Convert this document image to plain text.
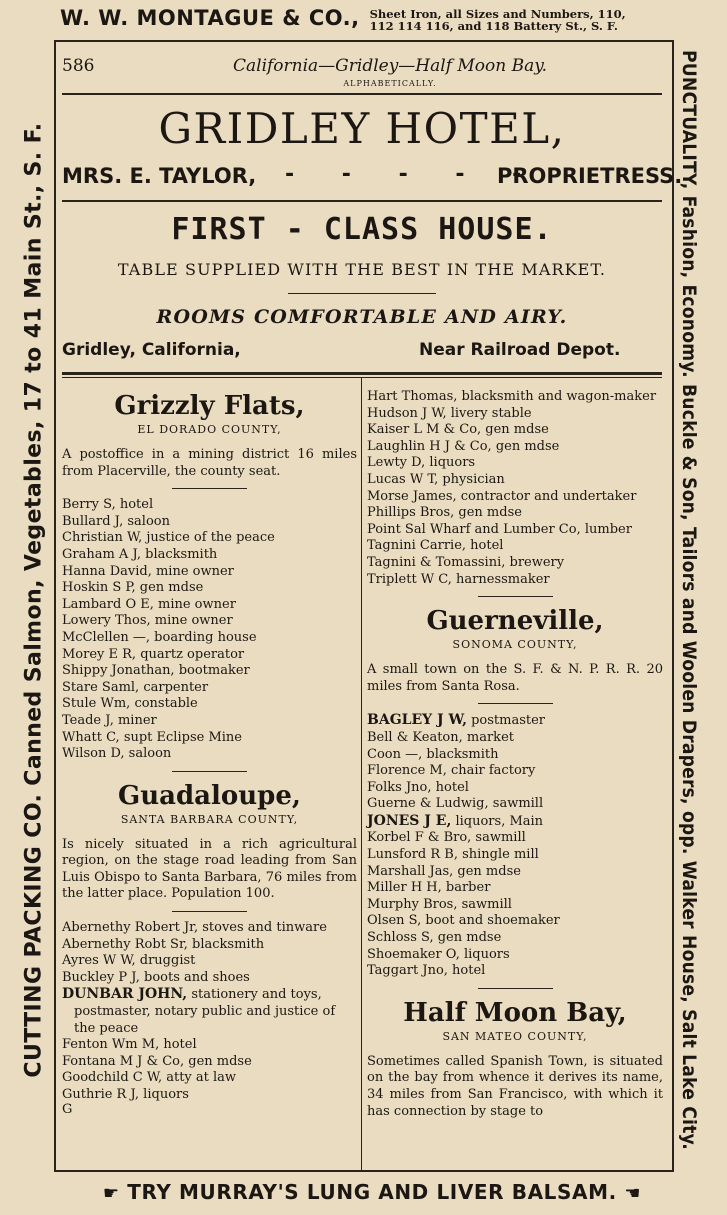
W. W. MONTAGUE & CO., Sheet Iron, all Sizes and Numbers, 110,
112 114 116, and 118 Battery St., S. F.
CUTTING PACKING CO. Canned Salmon, Vegetables, 17 to 41 Main St., S. F.	PUNCTUALITY, Fashion, Economy. Buckle & Son, Tailors and Woolen Drapers, opp. Walker House, Salt Lake City.
586	California—Gridley—Half Moon Bay.
ALPHABETICALLY.
GRIDLEY HOTEL,
MRS. E. TAYLOR, - - - - -
PROPRIETRESS.
FIRST - CLASS HOUSE.
TABLE SUPPLIED WITH THE BEST IN THE MARKET.
ROOMS COMFORTABLE AND AIRY.
Gridley, California,	Near Railroad Depot.
Grizzly Flats,
EL DORADO COUNTY,
A postoffice in a mining district 16 miles from Placerville, the county seat.
Berry S, hotel
Bullard J, saloon
Christian W, justice of the peace
Graham A J, blacksmith
Hanna David, mine owner
Hoskin S P, gen mdse
Lambard O E, mine owner
Lowery Thos, mine owner
McClellen —, boarding house
Morey E R, quartz operator
Shippy Jonathan, bootmaker
Stare Saml, carpenter
Stule Wm, constable
Teade J, miner
Whatt C, supt Eclipse Mine
Wilson D, saloon
Guadaloupe,
SANTA BARBARA COUNTY,
Is nicely situated in a rich agricultural region, on the stage road leading from San Luis Obispo to Santa Barbara, 76 miles from the latter place. Population 100.
Abernethy Robert Jr, stoves and tinware
Abernethy Robt Sr, blacksmith
Ayres W W, druggist
Buckley P J, boots and shoes
DUNBAR JOHN, stationery and toys, postmaster, notary public and justice of the peace
Fenton Wm M, hotel
Fontana M J & Co, gen mdse
Goodchild C W, atty at law
Guthrie R J, liquors
G
Hart Thomas, blacksmith and wagon-maker
Hudson J W, livery stable
Kaiser L M & Co, gen mdse
Laughlin H J & Co, gen mdse
Lewty D, liquors
Lucas W T, physician
Morse James, contractor and undertaker
Phillips Bros, gen mdse
Point Sal Wharf and Lumber Co, lumber
Tagnini Carrie, hotel
Tagnini & Tomassini, brewery
Triplett W C, harnessmaker
Guerneville,
SONOMA COUNTY,
A small town on the S. F. & N. P. R. R. 20 miles from Santa Rosa.
BAGLEY J W, postmaster
Bell & Keaton, market
Coon —, blacksmith
Florence M, chair factory
Folks Jno, hotel
Guerne & Ludwig, sawmill
JONES J E, liquors, Main
Korbel F & Bro, sawmill
Lunsford R B, shingle mill
Marshall Jas, gen mdse
Miller H H, barber
Murphy Bros, sawmill
Olsen S, boot and shoemaker
Schloss S, gen mdse
Shoemaker O, liquors
Taggart Jno, hotel
Half Moon Bay,
SAN MATEO COUNTY,
Sometimes called Spanish Town, is situated on the bay from whence it derives its name, 34 miles from San Francisco, with which it has connection by stage to
☛ TRY MURRAY'S LUNG AND LIVER BALSAM. ☚
